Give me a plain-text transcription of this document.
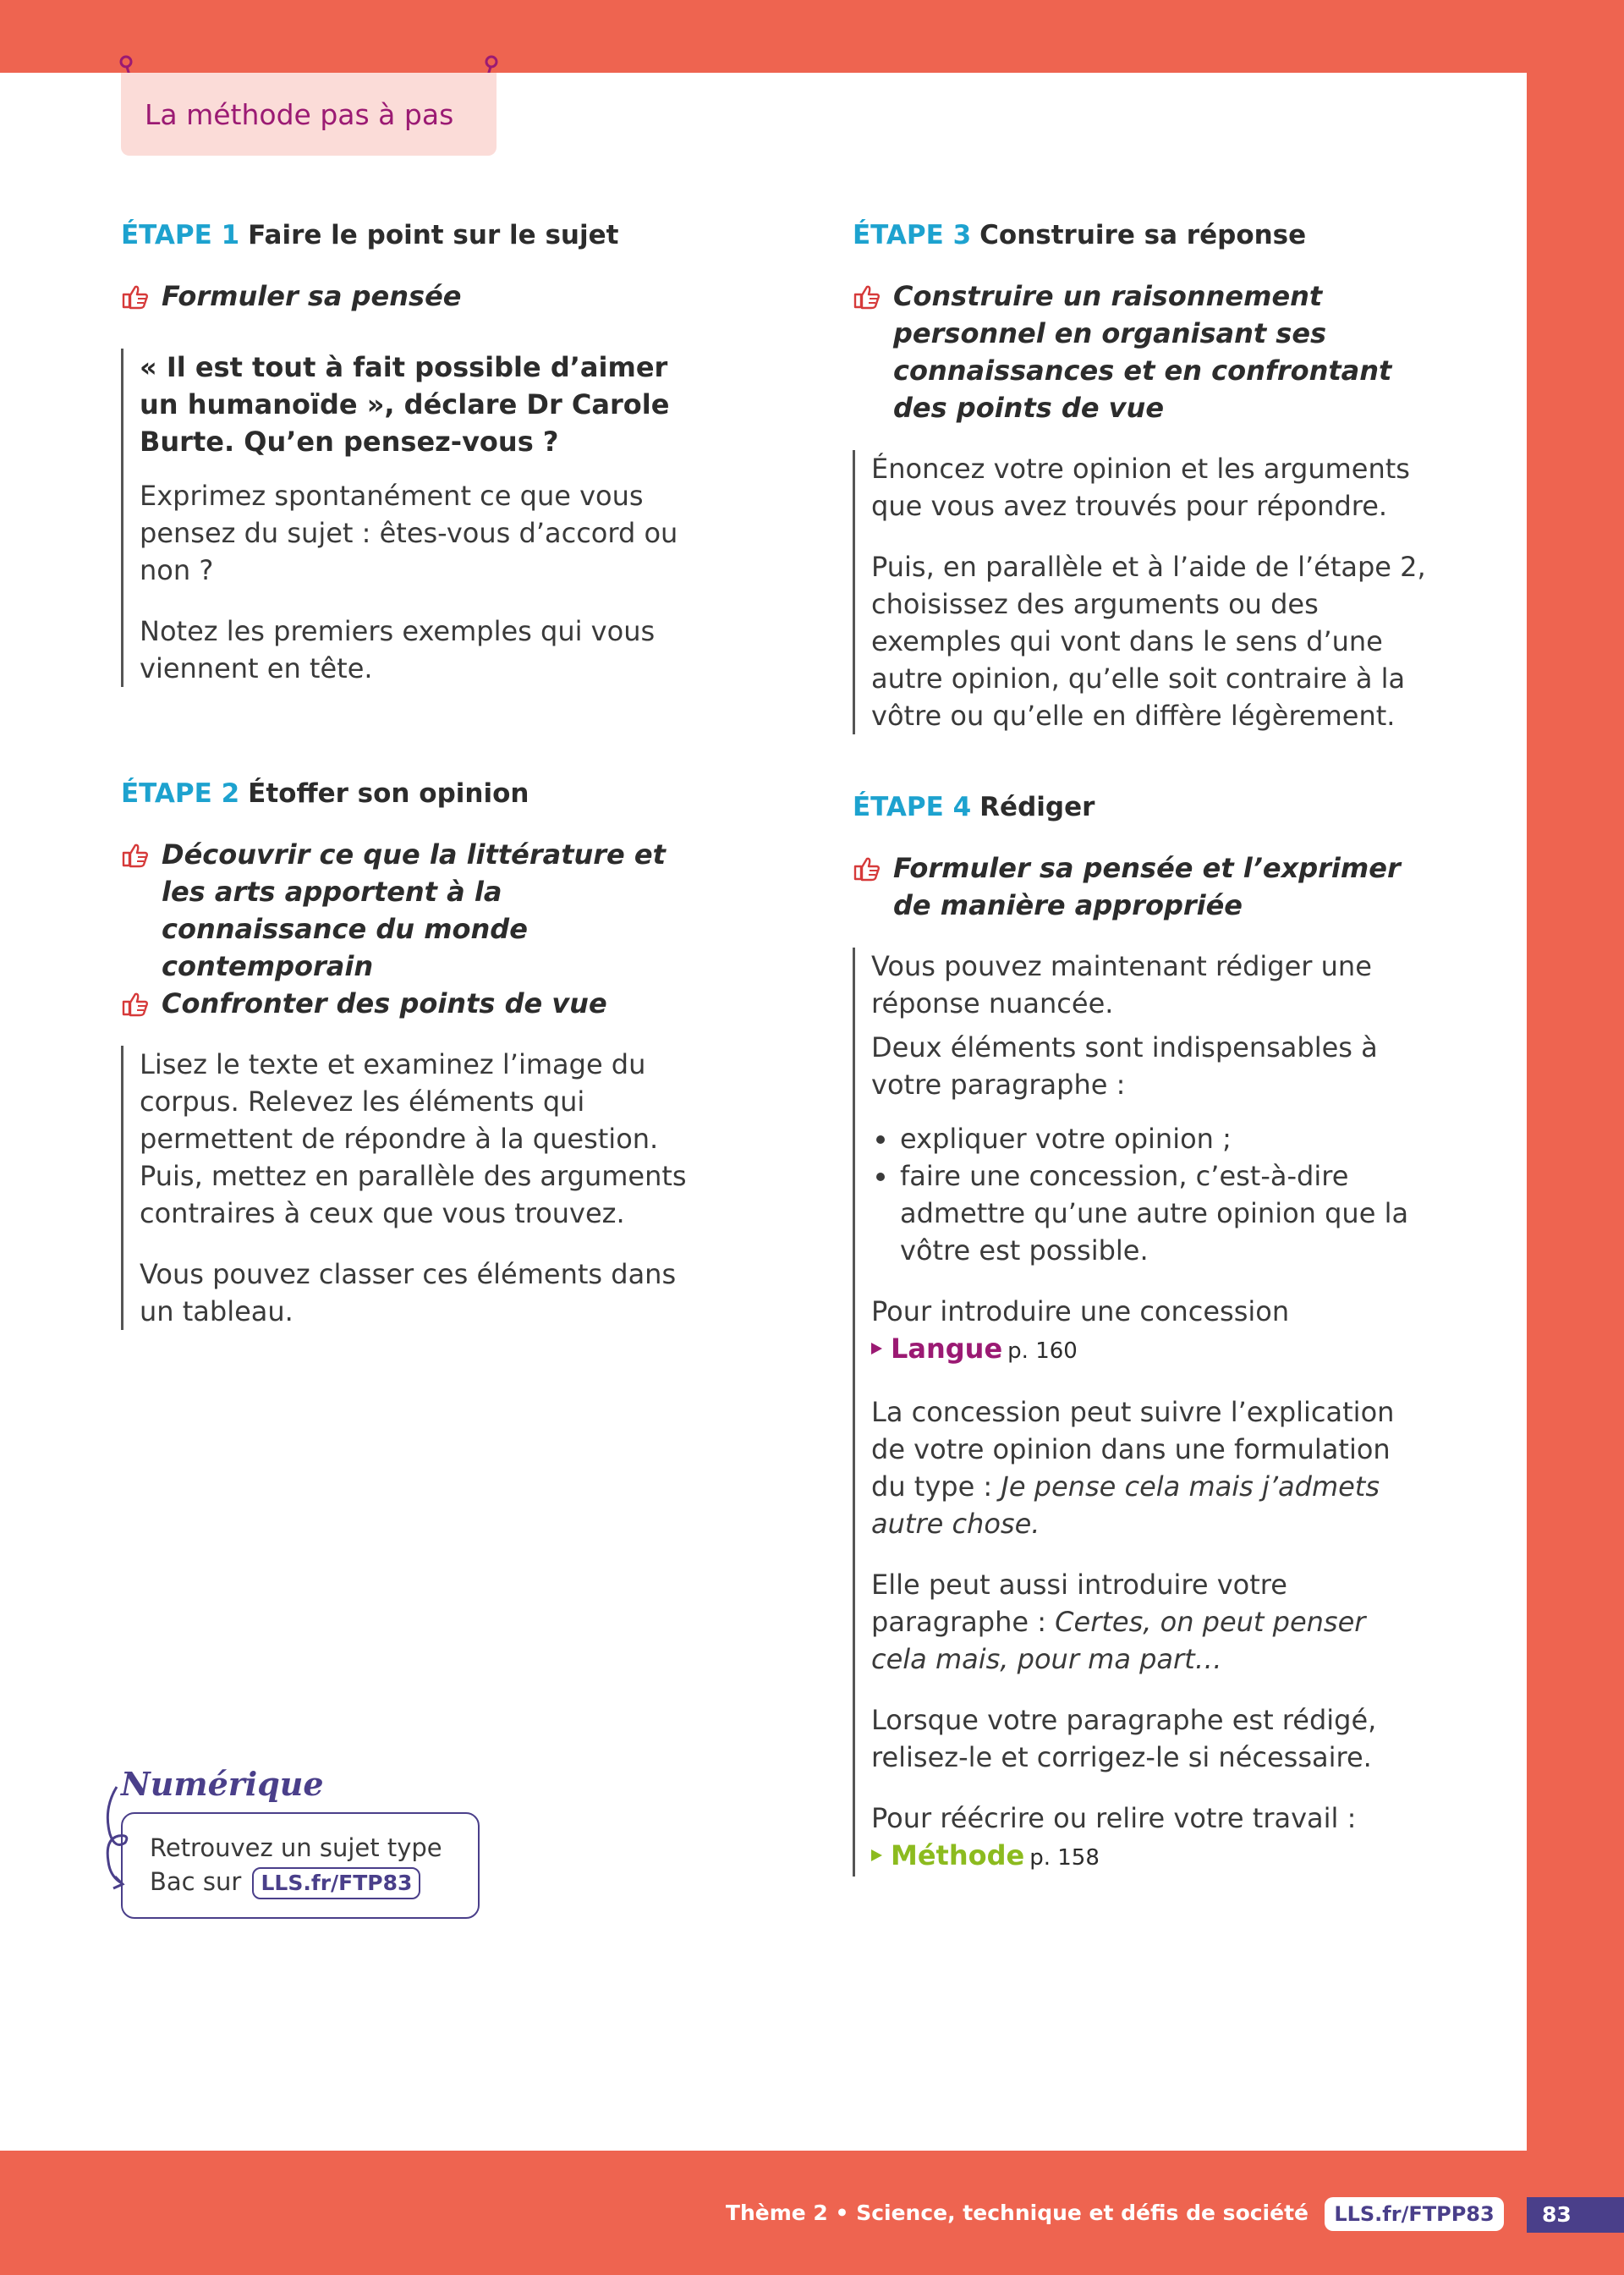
La méthode pas à pas
ÉTAPE 1 Faire le point sur le sujet
Formuler sa pensée

« Il est tout à fait possible d’aimer un humanoïde », déclare Dr Carole Burte. Qu’en pensez-vous ?

Exprimez spontanément ce que vous pensez du sujet : êtes-vous d’accord ou non ?

Notez les premiers exemples qui vous viennent en tête.

ÉTAPE 2 Étoffer son opinion
Découvrir ce que la littérature et les arts apportent à la connaissance du monde contemporain
Confronter des points de vue

Lisez le texte et examinez l’image du corpus. Relevez les éléments qui permettent de répondre à la question. Puis, mettez en parallèle des arguments contraires à ceux que vous trouvez.

Vous pouvez classer ces éléments dans un tableau.

ÉTAPE 3 Construire sa réponse
Construire un raisonnement personnel en organisant ses connaissances et en confrontant des points de vue

Énoncez votre opinion et les arguments que vous avez trouvés pour répondre.

Puis, en parallèle et à l’aide de l’étape 2, choisissez des arguments ou des exemples qui vont dans le sens d’une autre opinion, qu’elle soit contraire à la vôtre ou qu’elle en diffère légèrement.

ÉTAPE 4 Rédiger
Formuler sa pensée et l’exprimer de manière appropriée

Vous pouvez maintenant rédiger une réponse nuancée.

Deux éléments sont indispensables à votre paragraphe :

expliquer votre opinion ;
faire une concession, c’est-à-dire admettre qu’une autre opinion que la vôtre est possible.

Pour introduire une concession
Langue p. 160

La concession peut suivre l’explication de votre opinion dans une formulation du type : Je pense cela mais j’admets autre chose.

Elle peut aussi introduire votre paragraphe : Certes, on peut penser cela mais, pour ma part…

Lorsque votre paragraphe est rédigé, relisez-le et corrigez-le si nécessaire.

Pour réécrire ou relire votre travail :
Méthode p. 158

Numérique
Retrouvez un sujet type
Bac sur LLS.fr/FTP83
Thème 2 • Science, technique et défis de société	LLS.fr/FTPP83	83
